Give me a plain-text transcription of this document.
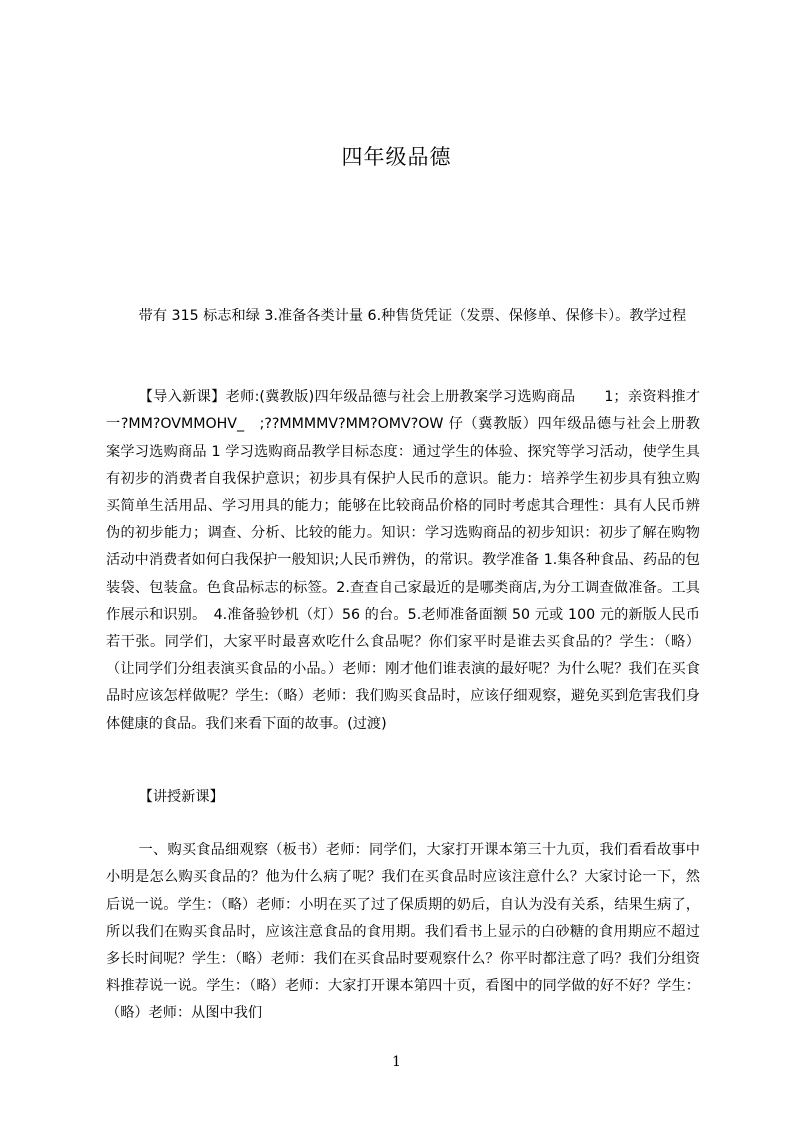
四年级品德

带有 315 标志和绿 3.准备各类计量 6.种售货凭证（发票、保修单、保修卡）。教学过程

【导入新课】老师:(冀教版)四年级品德与社会上册教案学习选购商品　　1；亲资料推才一?MM?OVMMOHV_　;??MMMMV?MM?OMV?OW 仔（冀教版）四年级品德与社会上册教案学习选购商品 1 学习选购商品教学目标态度：通过学生的体验、探究等学习活动，使学生具有初步的消费者自我保护意识；初步具有保护人民币的意识。能力：培养学生初步具有独立购买简单生活用品、学习用具的能力；能够在比较商品价格的同时考虑其合理性：具有人民币辨伪的初步能力；调查、分析、比较的能力。知识：学习选购商品的初步知识：初步了解在购物活动中消费者如何白我保护一般知识;人民币辨伪，的常识。教学准备 1.集各种食品、药品的包装袋、包装盒。色食品标志的标签。2.查查自己家最近的是哪类商店,为分工调查做准备。工具作展示和识别。　4.准备验钞机（灯）56 的台。5.老师准备面额 50 元或 100 元的新版人民币若干张。同学们，大家平时最喜欢吃什么食品呢？你们家平时是谁去买食品的？学生：（略）（让同学们分组表演买食品的小品。）老师：刚才他们谁表演的最好呢？为什么呢？我们在买食品时应该怎样做呢？学生:（略）老师：我们购买食品时，应该仔细观察，避免买到危害我们身体健康的食品。我们来看下面的故事。(过渡)

【讲授新课】

一、购买食品细观察（板书）老师：同学们，大家打开课本第三十九页，我们看看故事中小明是怎么购买食品的？他为什么病了呢？我们在买食品时应该注意什么？大家讨论一下，然后说一说。学生：（略）老师：小明在买了过了保质期的奶后，自认为没有关系，结果生病了，所以我们在购买食品时，应该注意食品的食用期。我们看书上显示的白砂糖的食用期应不超过多长时间呢？学生：（略）老师：我们在买食品时要观察什么？你平时都注意了吗？我们分组资料推荐说一说。学生：（略）老师：大家打开课本第四十页，看图中的同学做的好不好？学生：（略）老师：从图中我们

1
